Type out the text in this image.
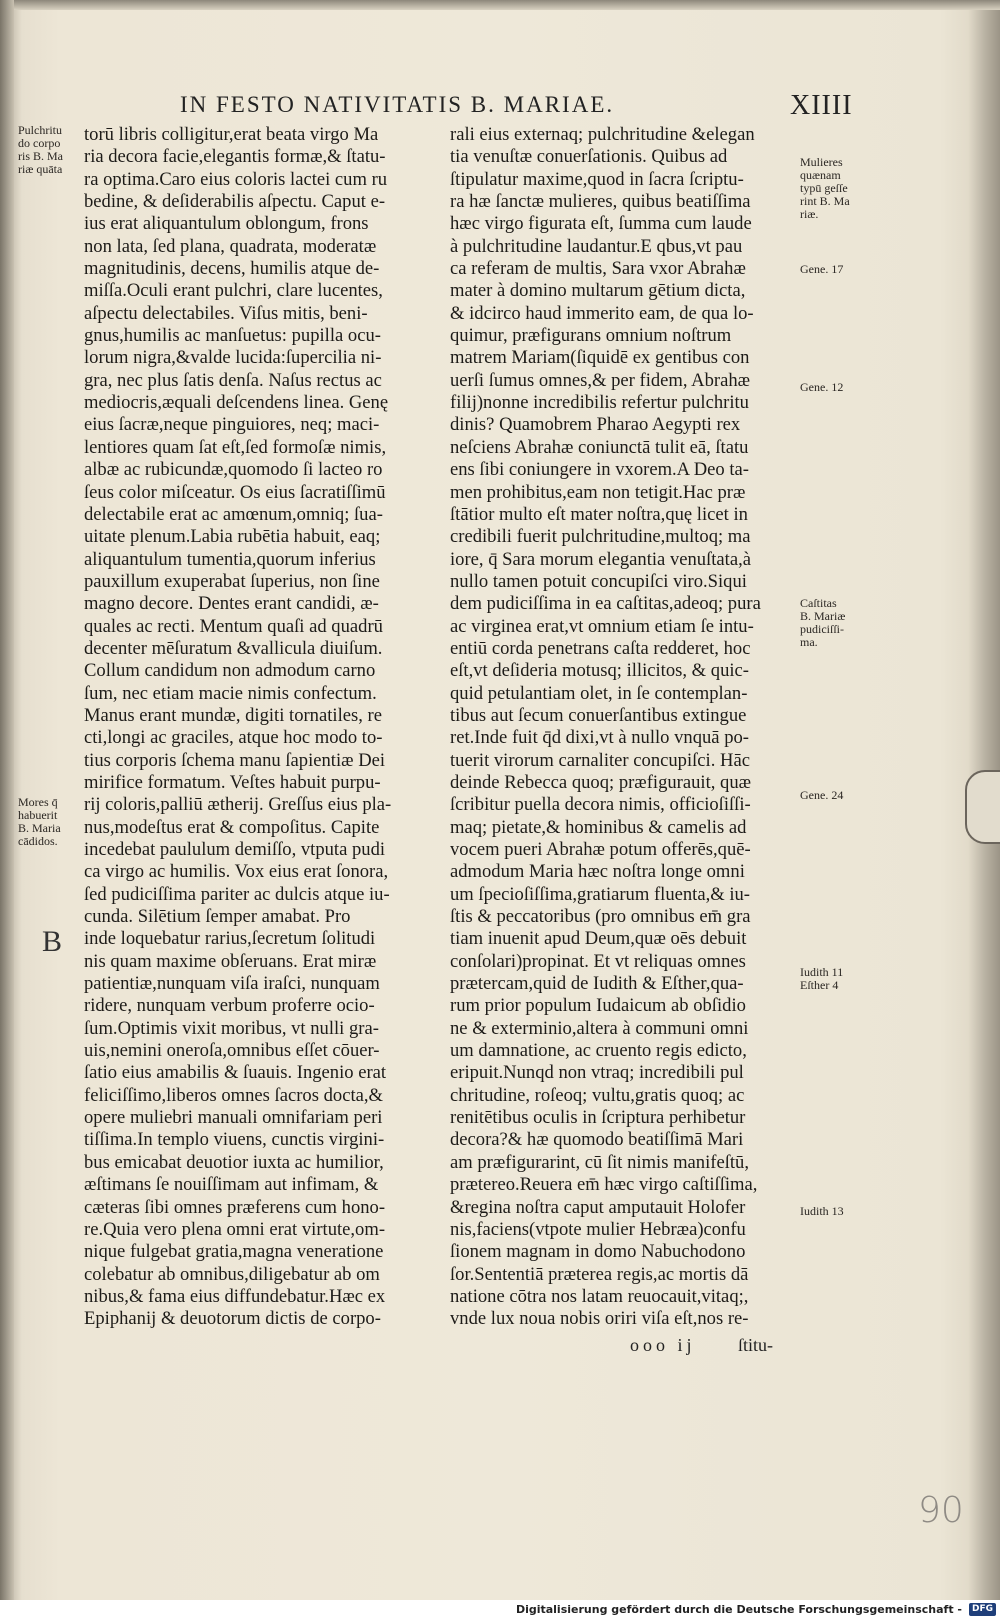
IN FESTO NATIVITATIS B. MARIAE.	XIIII
Pulchritu
do corpo
ris B. Ma
riæ quāta
Mores q̄
habuerit
B. Maria
cādidos.
B
Mulieres
quænam
typū geſſe
rint B. Ma
riæ.
Gene. 17
Gene. 12
Caſtitas
B. Mariæ
pudiciſſi-
ma.
Gene. 24
Iudith 11
Eſther 4
Iudith 13
torū libris colligitur,erat beata virgo Ma
ria decora facie,elegantis formæ,& ſtatu-
ra optima.Caro eius coloris lactei cum ru
bedine, & deſiderabilis aſpectu. Caput e-
ius erat aliquantulum oblongum, frons
non lata, ſed plana, quadrata, moderatæ
magnitudinis, decens, humilis atque de-
miſſa.Oculi erant pulchri, clare lucentes,
aſpectu delectabiles. Viſus mitis, beni-
gnus,humilis ac manſuetus: pupilla ocu-
lorum nigra,&valde lucida:ſupercilia ni-
gra, nec plus ſatis denſa. Naſus rectus ac
mediocris,æquali deſcendens linea. Genę
eius ſacræ,neque pinguiores, neq; maci-
lentiores quam ſat eſt,ſed formoſæ nimis,
albæ ac rubicundæ,quomodo ſi lacteo ro
ſeus color miſceatur. Os eius ſacratiſſimū
delectabile erat ac amœnum,omniq; ſua-
uitate plenum.Labia rubētia habuit, eaq;
aliquantulum tumentia,quorum inferius
pauxillum exuperabat ſuperius, non ſine
magno decore. Dentes erant candidi, æ-
quales ac recti. Mentum quaſi ad quadrū
decenter mēſuratum &vallicula diuiſum.
Collum candidum non admodum carno
ſum, nec etiam macie nimis confectum.
Manus erant mundæ, digiti tornatiles, re
cti,longi ac graciles, atque hoc modo to-
tius corporis ſchema manu ſapientiæ Dei
mirifice formatum. Veſtes habuit purpu-
rij coloris,palliū ætherij. Greſſus eius pla-
nus,modeſtus erat & compoſitus. Capite
incedebat paululum demiſſo, vtputa pudi
ca virgo ac humilis. Vox eius erat ſonora,
ſed pudiciſſima pariter ac dulcis atque iu-
cunda. Silētium ſemper amabat. Pro
inde loquebatur rarius,ſecretum ſolitudi
nis quam maxime obſeruans. Erat miræ
patientiæ,nunquam viſa iraſci, nunquam
ridere, nunquam verbum proferre ocio-
ſum.Optimis vixit moribus, vt nulli gra-
uis,nemini oneroſa,omnibus eſſet cōuer-
ſatio eius amabilis & ſuauis. Ingenio erat
feliciſſimo,liberos omnes ſacros docta,&
opere muliebri manuali omnifariam peri
tiſſima.In templo viuens, cunctis virgini-
bus emicabat deuotior iuxta ac humilior,
æſtimans ſe nouiſſimam aut infimam, &
cæteras ſibi omnes præferens cum hono-
re.Quia vero plena omni erat virtute,om-
nique fulgebat gratia,magna veneratione
colebatur ab omnibus,diligebatur ab om
nibus,& fama eius diffundebatur.Hæc ex
Epiphanij & deuotorum dictis de corpo-
rali eius externaq; pulchritudine &elegan
tia venuſtæ conuerſationis. Quibus ad
ſtipulatur maxime,quod in ſacra ſcriptu-
ra hæ ſanctæ mulieres, quibus beatiſſima
hæc virgo figurata eſt, ſumma cum laude
à pulchritudine laudantur.E qbus,vt pau
ca referam de multis, Sara vxor Abrahæ
mater à domino multarum gētium dicta,
& idcirco haud immerito eam, de qua lo-
quimur, præfigurans omnium noſtrum
matrem Mariam(ſiquidē ex gentibus con
uerſi ſumus omnes,& per fidem, Abrahæ
filij)nonne incredibilis refertur pulchritu
dinis? Quamobrem Pharao Aegypti rex
neſciens Abrahæ coniunctā tulit eā, ſtatu
ens ſibi coniungere in vxorem.A Deo ta-
men prohibitus,eam non tetigit.Hac præ
ſtātior multo eſt mater noſtra,quę licet in
credibili fuerit pulchritudine,multoq; ma
iore, q̄ Sara morum elegantia venuſtata,à
nullo tamen potuit concupiſci viro.Siqui
dem pudiciſſima in ea caſtitas,adeoq; pura
ac virginea erat,vt omnium etiam ſe intu-
entiū corda penetrans caſta redderet, hoc
eſt,vt deſideria motusq; illicitos, & quic-
quid petulantiam olet, in ſe contemplan-
tibus aut ſecum conuerſantibus extingue
ret.Inde fuit q̄d dixi,vt à nullo vnquā po-
tuerit virorum carnaliter concupiſci. Hāc
deinde Rebecca quoq; præfigurauit, quæ
ſcribitur puella decora nimis, officioſiſſi-
maq; pietate,& hominibus & camelis ad
vocem pueri Abrahæ potum offerēs,quē-
admodum Maria hæc noſtra longe omni
um ſpecioſiſſima,gratiarum fluenta,& iu-
ſtis & peccatoribus (pro omnibus em̄ gra
tiam inuenit apud Deum,quæ oēs debuit
conſolari)propinat. Et vt reliquas omnes
prætercam,quid de Iudith & Eſther,qua-
rum prior populum Iudaicum ab obſidio
ne & exterminio,altera à communi omni
um damnatione, ac cruento regis edicto,
eripuit.Nunqd non vtraq; incredibili pul
chritudine, roſeoq; vultu,gratis quoq; ac
renitētibus oculis in ſcriptura perhibetur
decora?& hæ quomodo beatiſſimā Mari
am præfigurarint, cū ſit nimis manifeſtū,
prætereo.Reuera em̄ hæc virgo caſtiſſima,
&regina noſtra caput amputauit Holofer
nis,faciens(vtpote mulier Hebræa)confu
ſionem magnam in domo Nabuchodono
ſor.Sententiā præterea regis,ac mortis dā
natione cōtra nos latam reuocauit,vitaq;,
vnde lux noua nobis oriri viſa eſt,nos re-
ooo ij ſtitu-
90
Digitalisierung gefördert durch die Deutsche Forschungsgemeinschaft -	DFG
